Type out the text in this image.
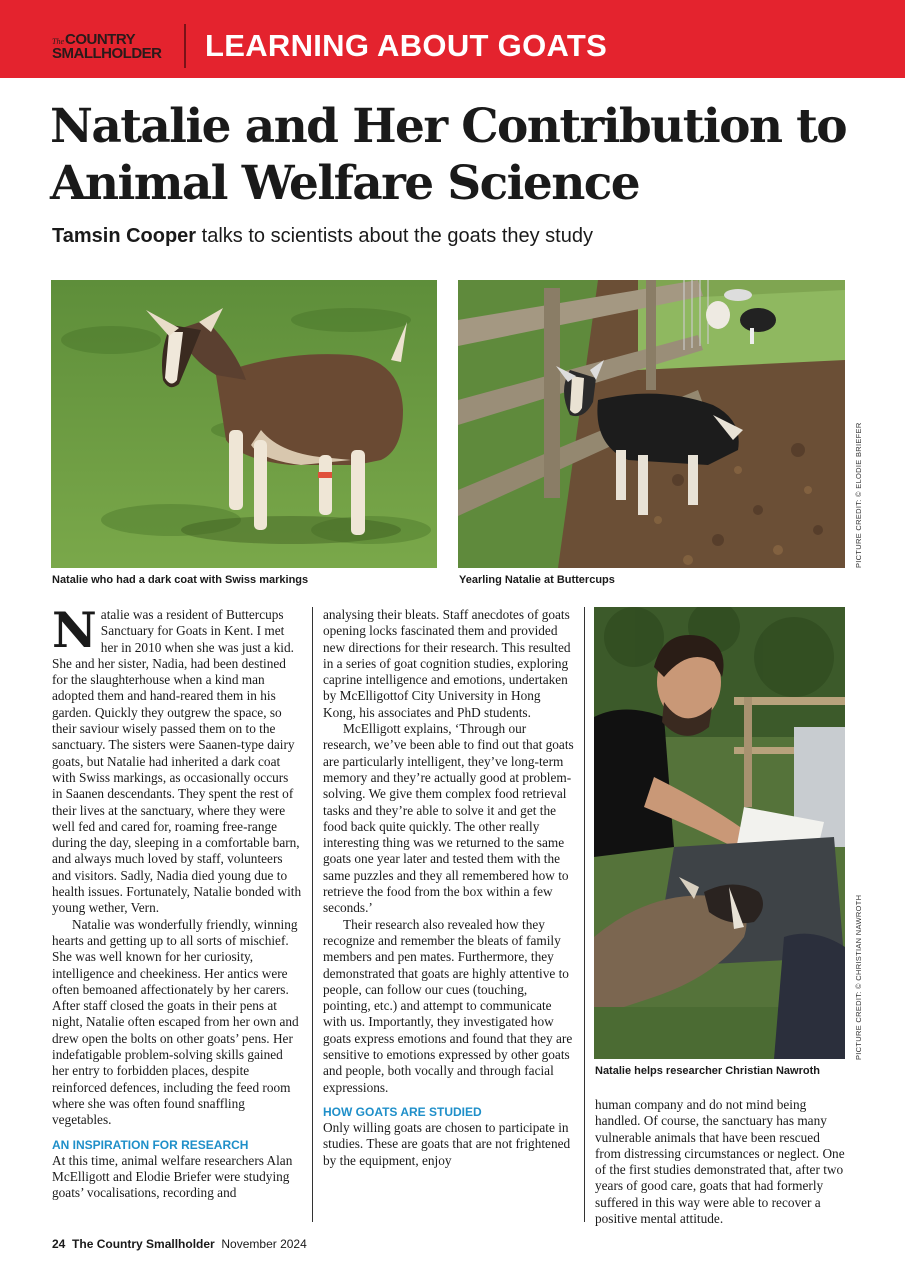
TheCOUNTRY
SMALLHOLDER LEARNING ABOUT GOATS
Natalie and Her Contribution to Animal Welfare Science
Tamsin Cooper talks to scientists about the goats they study
Natalie who had a dark coat with Swiss markings	Yearling Natalie at Buttercups
PICTURE CREDIT: © ELODIE BRIEFER

Natalie was a resident of Buttercups Sanctuary for Goats in Kent. I met her in 2010 when she was just a kid. She and her sister, Nadia, had been destined for the slaughterhouse when a kind man adopted them and hand-reared them in his garden. Quickly they outgrew the space, so their saviour wisely passed them on to the sanctuary. The sisters were Saanen-type dairy goats, but Natalie had inherited a dark coat with Swiss markings, as occasionally occurs in Saanen descendants. They spent the rest of their lives at the sanctuary, where they were well fed and cared for, roaming free-range during the day, sleeping in a comfortable barn, and always much loved by staff, volunteers and visitors. Sadly, Nadia died young due to health issues. Fortunately, Natalie bonded with young wether, Vern.

Natalie was wonderfully friendly, winning hearts and getting up to all sorts of mischief. She was well known for her curiosity, intelligence and cheekiness. Her antics were often bemoaned affectionately by her carers. After staff closed the goats in their pens at night, Natalie often escaped from her own and drew open the bolts on other goats’ pens. Her indefatigable problem-solving skills gained her entry to forbidden places, despite reinforced defences, including the feed room where she was often found snaffling vegetables.

AN INSPIRATION FOR RESEARCH

At this time, animal welfare researchers Alan McElligott and Elodie Briefer were studying goats’ vocalisations, recording and

analysing their bleats. Staff anecdotes of goats opening locks fascinated them and provided new directions for their research. This resulted in a series of goat cognition studies, exploring caprine intelligence and emotions, undertaken by McElligottof City University in Hong Kong, his associates and PhD students.

McElligott explains, ‘Through our research, we’ve been able to find out that goats are particularly intelligent, they’ve long-term memory and they’re actually good at problem-solving. We give them complex food retrieval tasks and they’re able to solve it and get the food back quite quickly. The other really interesting thing was we returned to the same goats one year later and tested them with the same puzzles and they all remembered how to retrieve the food from the box within a few seconds.’

Their research also revealed how they recognize and remember the bleats of family members and pen mates. Furthermore, they demonstrated that goats are highly attentive to people, can follow our cues (touching, pointing, etc.) and attempt to communicate with us. Importantly, they investigated how goats express emotions and found that they are sensitive to emotions expressed by other goats and people, both vocally and through facial expressions.

HOW GOATS ARE STUDIED

Only willing goats are chosen to participate in studies. These are goats that are not frightened by the equipment, enjoy

Natalie helps researcher Christian Nawroth
PICTURE CREDIT: © CHRISTIAN NAWROTH

human company and do not mind being handled. Of course, the sanctuary has many vulnerable animals that have been rescued from distressing circumstances or neglect. One of the first studies demonstrated that, after two years of good care, goats that had formerly suffered in this way were able to recover a positive mental attitude.

24 The Country Smallholder November 2024
